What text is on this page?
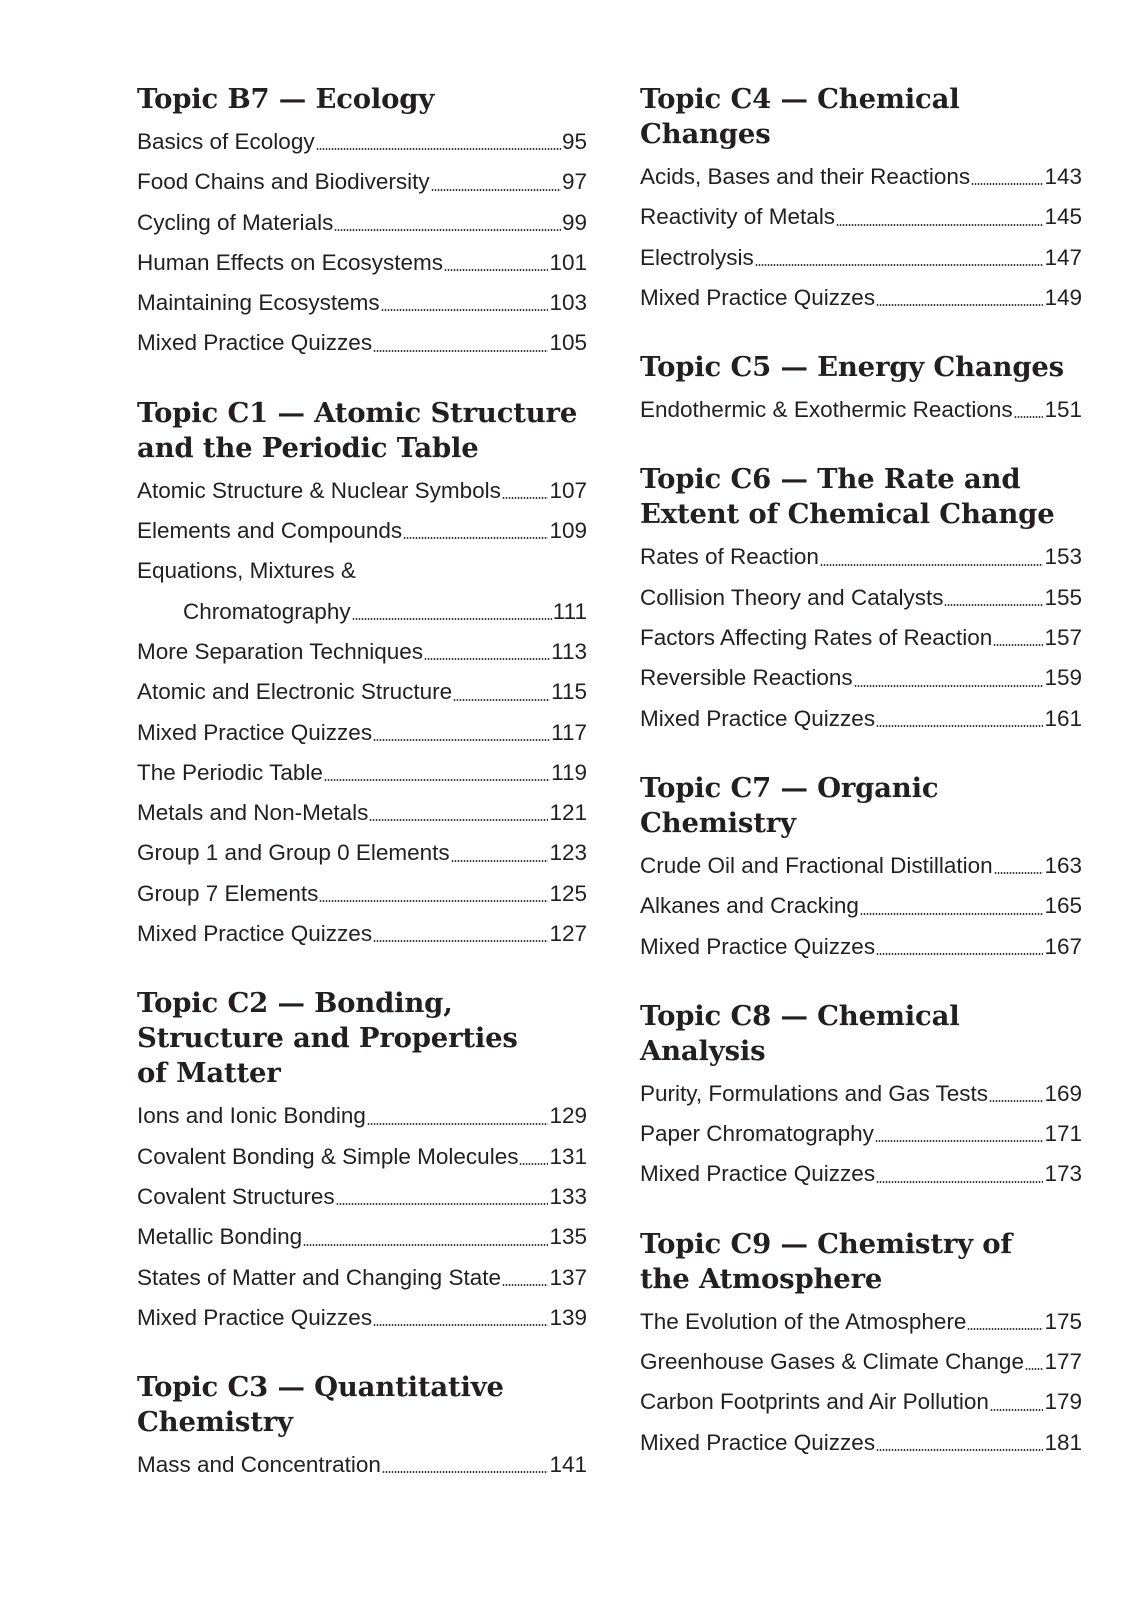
Topic B7 — Ecology
Basics of Ecology	95
Food Chains and Biodiversity	97
Cycling of Materials	99
Human Effects on Ecosystems	101
Maintaining Ecosystems	103
Mixed Practice Quizzes	105
Topic C1 — Atomic Structure
and the Periodic Table
Atomic Structure & Nuclear Symbols 107
Elements and Compounds	109
Equations, Mixtures &
Chromatography	111
More Separation Techniques	113
Atomic and Electronic Structure	115
Mixed Practice Quizzes	117
The Periodic Table	119
Metals and Non-Metals	121
Group 1 and Group 0 Elements	123
Group 7 Elements	125
Mixed Practice Quizzes	127
Topic C2 — Bonding,
Structure and Properties
of Matter
Ions and Ionic Bonding	129
Covalent Bonding & Simple Molecules 131
Covalent Structures	133
Metallic Bonding	135
States of Matter and Changing State 137
Mixed Practice Quizzes	139
Topic C3 — Quantitative
Chemistry
Mass and Concentration	141
Topic C4 — Chemical
Changes
Acids, Bases and their Reactions	143
Reactivity of Metals	145
Electrolysis	147
Mixed Practice Quizzes	149
Topic C5 — Energy Changes
Endothermic & Exothermic Reactions 151
Topic C6 — The Rate and
Extent of Chemical Change
Rates of Reaction	153
Collision Theory and Catalysts	155
Factors Affecting Rates of Reaction 157
Reversible Reactions	159
Mixed Practice Quizzes	161
Topic C7 — Organic
Chemistry
Crude Oil and Fractional Distillation 163
Alkanes and Cracking	165
Mixed Practice Quizzes	167
Topic C8 — Chemical
Analysis
Purity, Formulations and Gas Tests	169
Paper Chromatography	171
Mixed Practice Quizzes	173
Topic C9 — Chemistry of
the Atmosphere
The Evolution of the Atmosphere	175
Greenhouse Gases & Climate Change 177
Carbon Footprints and Air Pollution 179
Mixed Practice Quizzes	181
